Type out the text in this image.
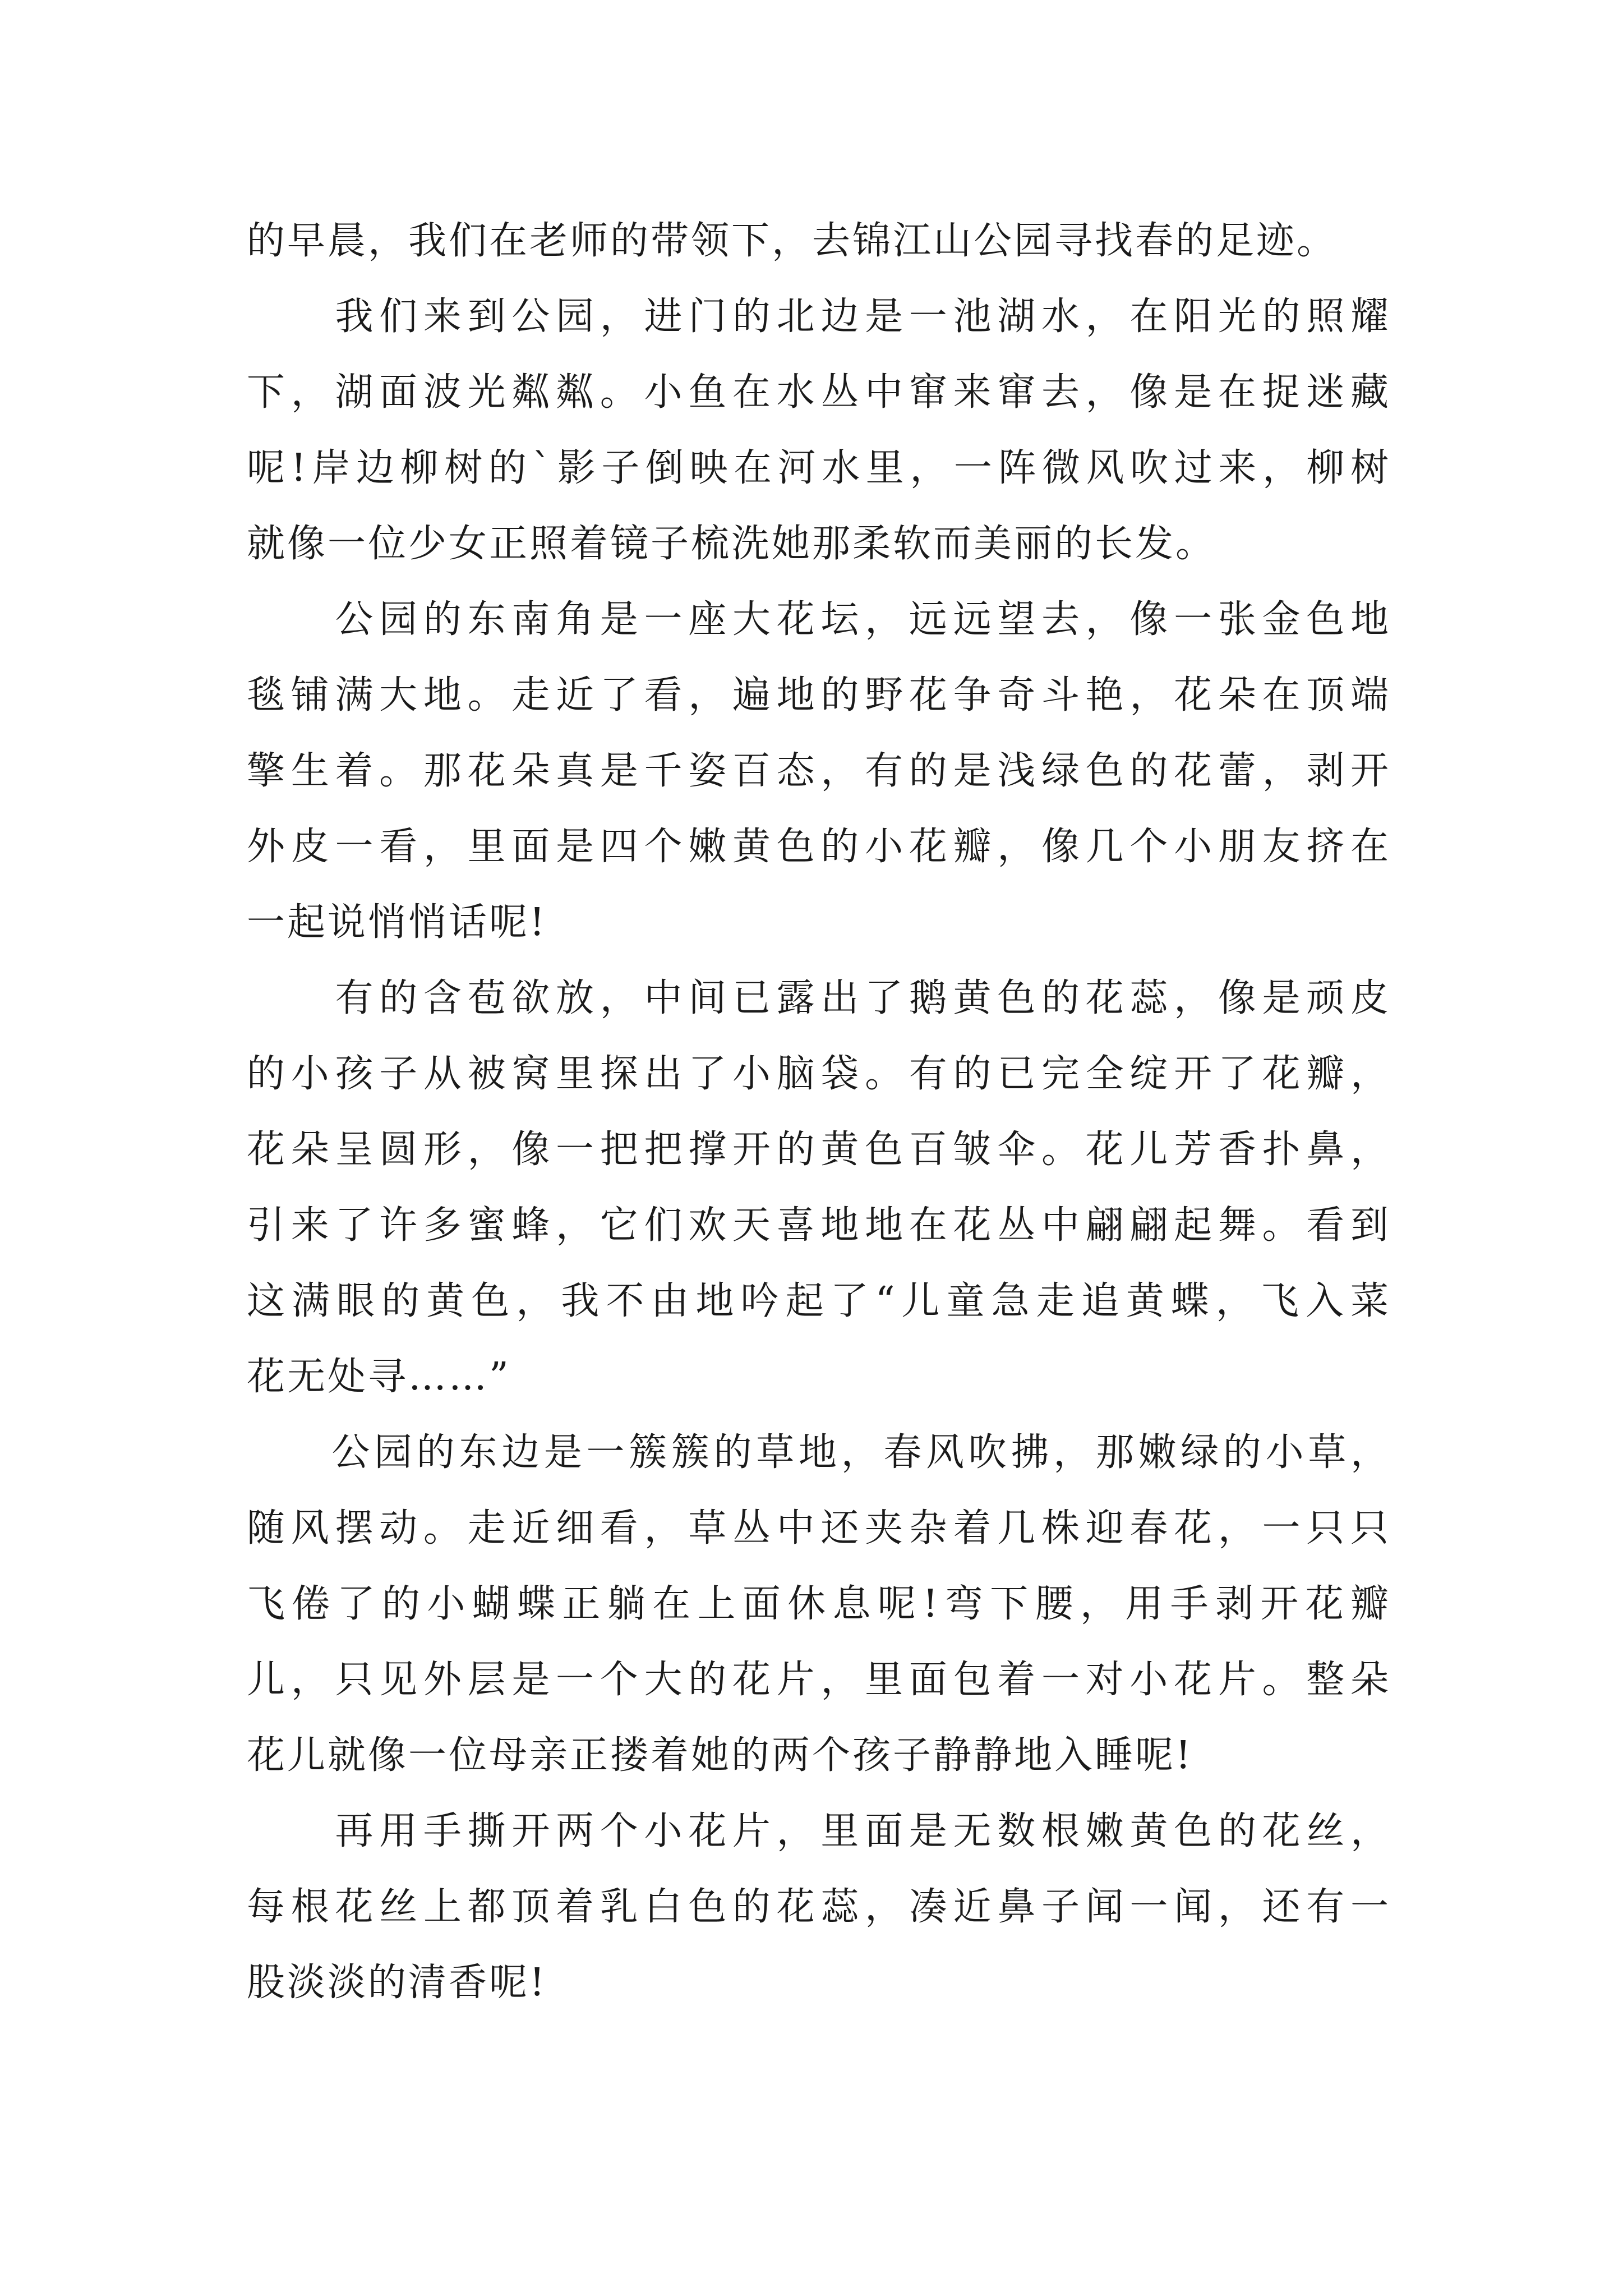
的早晨，我们在老师的带领下，去锦江山公园寻找春的足迹。
　　我们来到公园，进门的北边是一池湖水，在阳光的照耀
下，湖面波光粼粼。小鱼在水丛中窜来窜去，像是在捉迷藏
呢!岸边柳树的`影子倒映在河水里，一阵微风吹过来，柳树
就像一位少女正照着镜子梳洗她那柔软而美丽的长发。
　　公园的东南角是一座大花坛，远远望去，像一张金色地
毯铺满大地。走近了看，遍地的野花争奇斗艳，花朵在顶端
擎生着。那花朵真是千姿百态，有的是浅绿色的花蕾，剥开
外皮一看，里面是四个嫩黄色的小花瓣，像几个小朋友挤在
一起说悄悄话呢!
　　有的含苞欲放，中间已露出了鹅黄色的花蕊，像是顽皮
的小孩子从被窝里探出了小脑袋。有的已完全绽开了花瓣，
花朵呈圆形，像一把把撑开的黄色百皱伞。花儿芳香扑鼻，
引来了许多蜜蜂，它们欢天喜地地在花丛中翩翩起舞。看到
这满眼的黄色，我不由地吟起了“儿童急走追黄蝶，飞入菜
花无处寻……”
　　公园的东边是一簇簇的草地，春风吹拂，那嫩绿的小草，
随风摆动。走近细看，草丛中还夹杂着几株迎春花，一只只
飞倦了的小蝴蝶正躺在上面休息呢!弯下腰，用手剥开花瓣
儿，只见外层是一个大的花片，里面包着一对小花片。整朵
花儿就像一位母亲正搂着她的两个孩子静静地入睡呢!
　　再用手撕开两个小花片，里面是无数根嫩黄色的花丝，
每根花丝上都顶着乳白色的花蕊，凑近鼻子闻一闻，还有一
股淡淡的清香呢!
